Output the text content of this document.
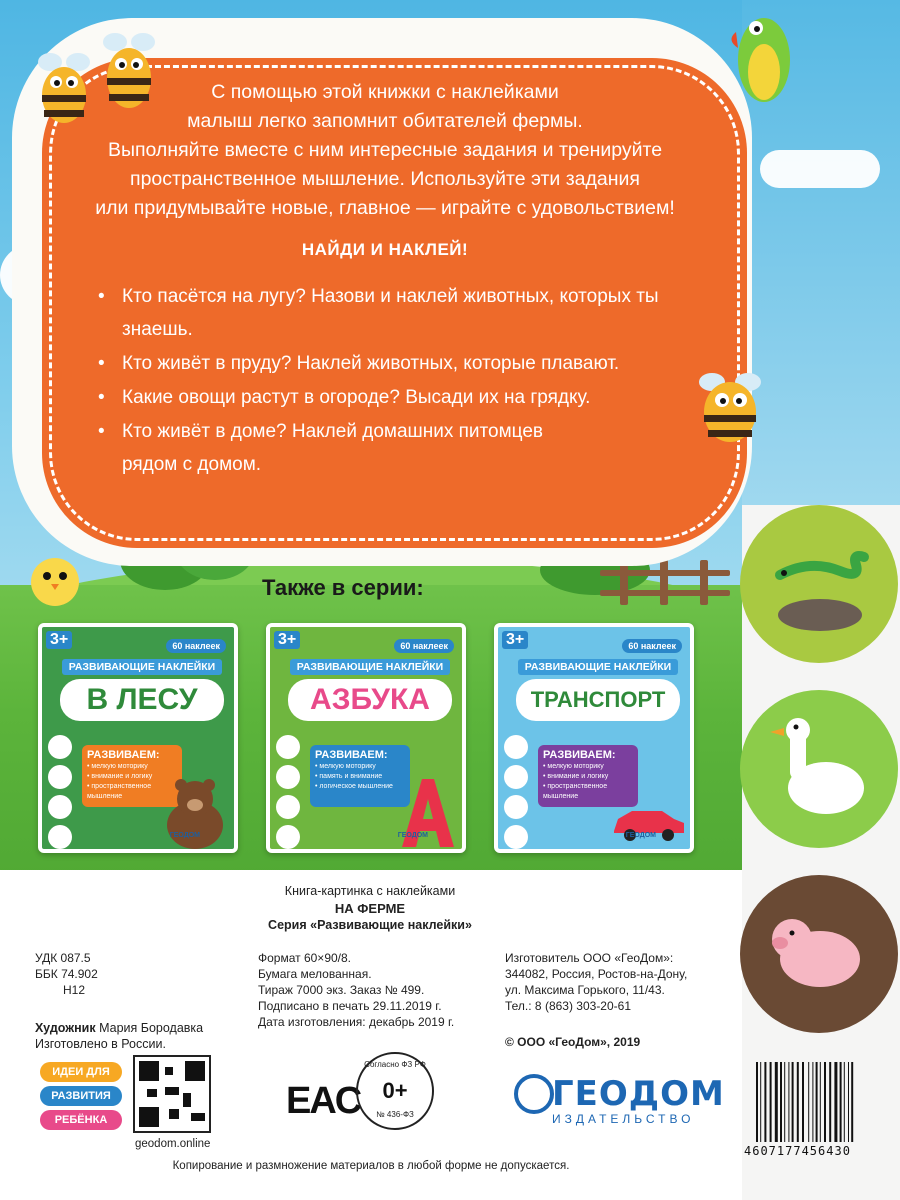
С помощью этой книжки с наклейками
малыш легко запомнит обитателей фермы.
Выполняйте вместе с ним интересные задания и тренируйте
пространственное мышление. Используйте эти задания
или придумывайте новые, главное — играйте с удовольствием!
НАЙДИ И НАКЛЕЙ!
• Кто пасётся на лугу? Назови и наклей животных, которых ты знаешь.
• Кто живёт в пруду? Наклей животных, которые плавают.
• Какие овощи растут в огороде? Высади их на грядку.
• Кто живёт в доме? Наклей домашних питомцев рядом с домом.
Также в серии:
3+	60 наклеек
РАЗВИВАЮЩИЕ НАКЛЕЙКИ
В ЛЕСУ
РАЗВИВАЕМ:
• мелкую моторику
• внимание и логику
• пространственное мышление
ГЕОДОМ
3+	60 наклеек
РАЗВИВАЮЩИЕ НАКЛЕЙКИ
АЗБУКА
РАЗВИВАЕМ:
• мелкую моторику
• память и внимание
• логическое мышление
ГЕОДОМ
3+	60 наклеек
РАЗВИВАЮЩИЕ НАКЛЕЙКИ
ТРАНСПОРТ
РАЗВИВАЕМ:
• мелкую моторику
• внимание и логику
• пространственное мышление
ГЕОДОМ
Книга-картинка с наклейками
НА ФЕРМЕ
Серия «Развивающие наклейки»
УДК 087.5
ББК 74.902
Н12
Формат 60×90/8.
Бумага мелованная.
Тираж 7000 экз. Заказ № 499.
Подписано в печать 29.11.2019 г.
Дата изготовления: декабрь 2019 г.
Изготовитель ООО «ГеоДом»:
344082, Россия, Ростов-на-Дону,
ул. Максима Горького, 11/43.
Тел.: 8 (863) 303-20-61
© ООО «ГеоДом», 2019
Художник Мария Бородавка
Изготовлено в России.
ИДЕИ ДЛЯ
РАЗВИТИЯ
РЕБЁНКА
geodom.online
EAC
Согласно ФЗ РФ
0+
№ 436-ФЗ
ГЕОДОМ
ИЗДАТЕЛЬСТВО
4607177456430
Копирование и размножение материалов в любой форме не допускается.
